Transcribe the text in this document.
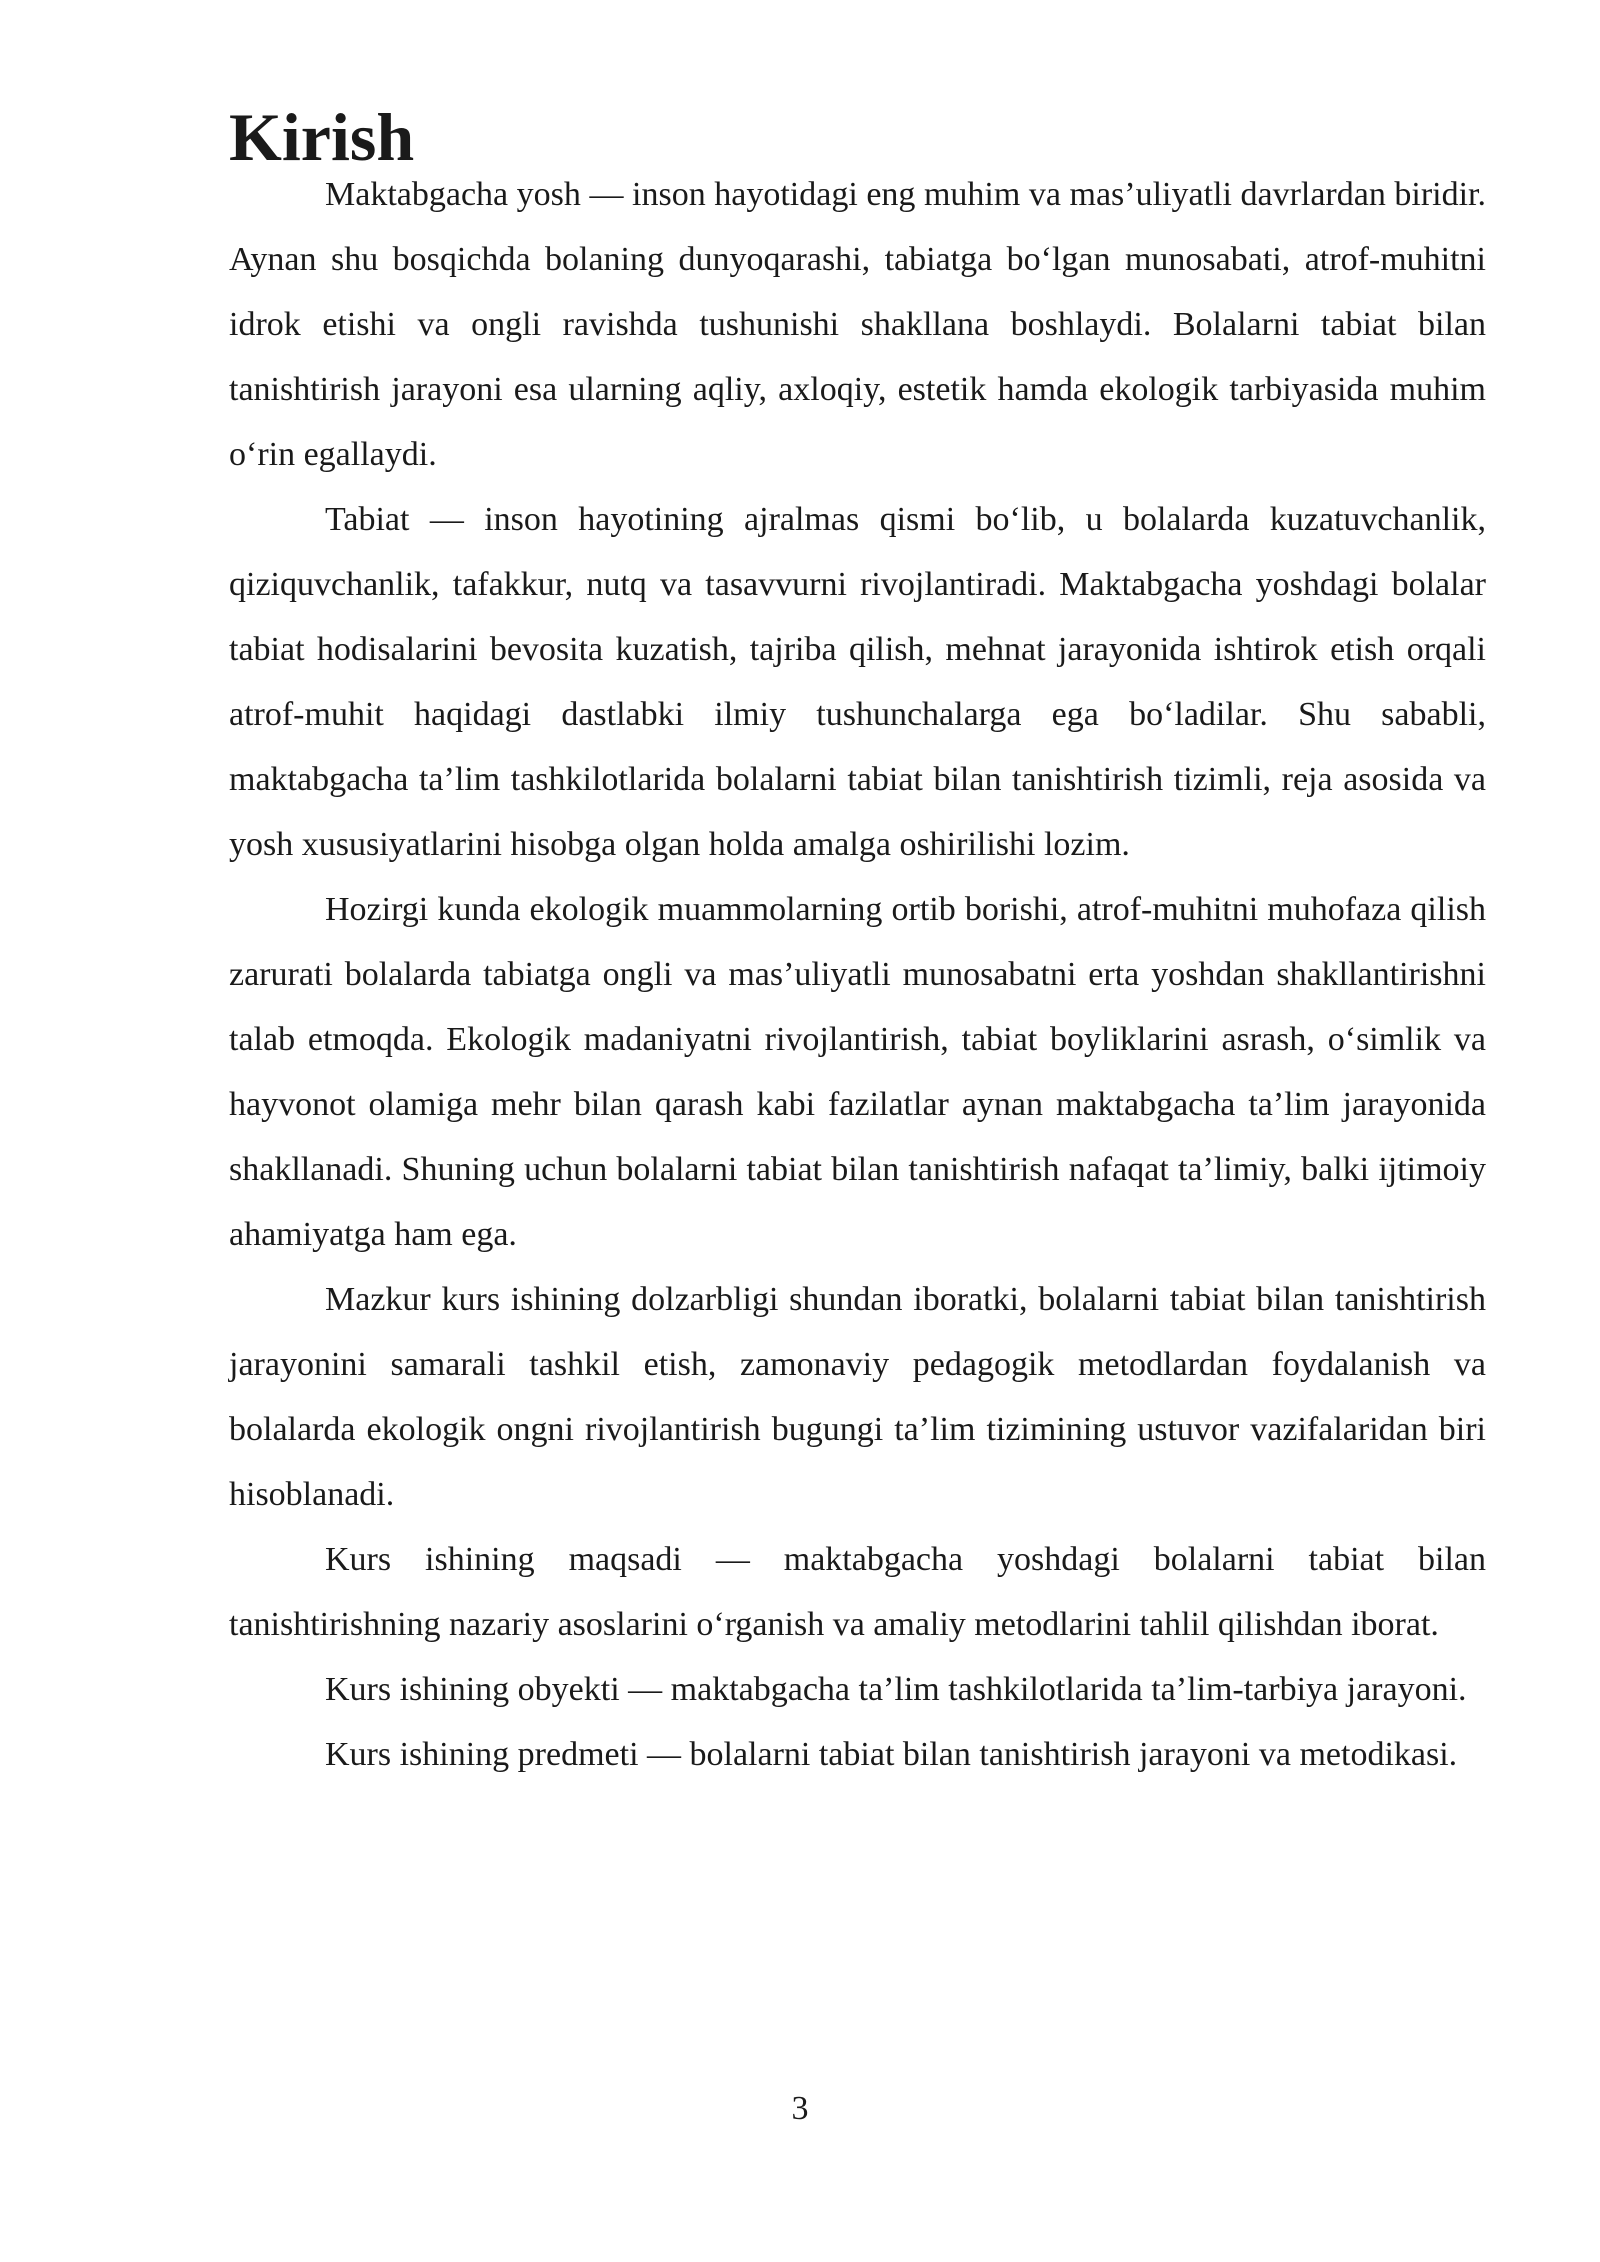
Kirish

Maktabgacha yosh — inson hayotidagi eng muhim va mas’uliyatli davrlardan biridir. Aynan shu bosqichda bolaning dunyoqarashi, tabiatga bo‘lgan munosabati, atrof-muhitni idrok etishi va ongli ravishda tushunishi shakllana boshlaydi. Bolalarni tabiat bilan tanishtirish jarayoni esa ularning aqliy, axloqiy, estetik hamda ekologik tarbiyasida muhim o‘rin egallaydi.

Tabiat — inson hayotining ajralmas qismi bo‘lib, u bolalarda kuzatuvchanlik, qiziquvchanlik, tafakkur, nutq va tasavvurni rivojlantiradi. Maktabgacha yoshdagi bolalar tabiat hodisalarini bevosita kuzatish, tajriba qilish, mehnat jarayonida ishtirok etish orqali atrof-muhit haqidagi dastlabki ilmiy tushunchalarga ega bo‘ladilar. Shu sababli, maktabgacha ta’lim tashkilotlarida bolalarni tabiat bilan tanishtirish tizimli, reja asosida va yosh xususiyatlarini hisobga olgan holda amalga oshirilishi lozim.

Hozirgi kunda ekologik muammolarning ortib borishi, atrof-muhitni muhofaza qilish zarurati bolalarda tabiatga ongli va mas’uliyatli munosabatni erta yoshdan shakllantirishni talab etmoqda. Ekologik madaniyatni rivojlantirish, tabiat boyliklarini asrash, o‘simlik va hayvonot olamiga mehr bilan qarash kabi fazilatlar aynan maktabgacha ta’lim jarayonida shakllanadi. Shuning uchun bolalarni tabiat bilan tanishtirish nafaqat ta’limiy, balki ijtimoiy ahamiyatga ham ega.

Mazkur kurs ishining dolzarbligi shundan iboratki, bolalarni tabiat bilan tanishtirish jarayonini samarali tashkil etish, zamonaviy pedagogik metodlardan foydalanish va bolalarda ekologik ongni rivojlantirish bugungi ta’lim tizimining ustuvor vazifalaridan biri hisoblanadi.

Kurs ishining maqsadi — maktabgacha yoshdagi bolalarni tabiat bilan tanishtirishning nazariy asoslarini o‘rganish va amaliy metodlarini tahlil qilishdan iborat.

Kurs ishining obyekti — maktabgacha ta’lim tashkilotlarida ta’lim-tarbiya jarayoni.

Kurs ishining predmeti — bolalarni tabiat bilan tanishtirish jarayoni va metodikasi.

3
